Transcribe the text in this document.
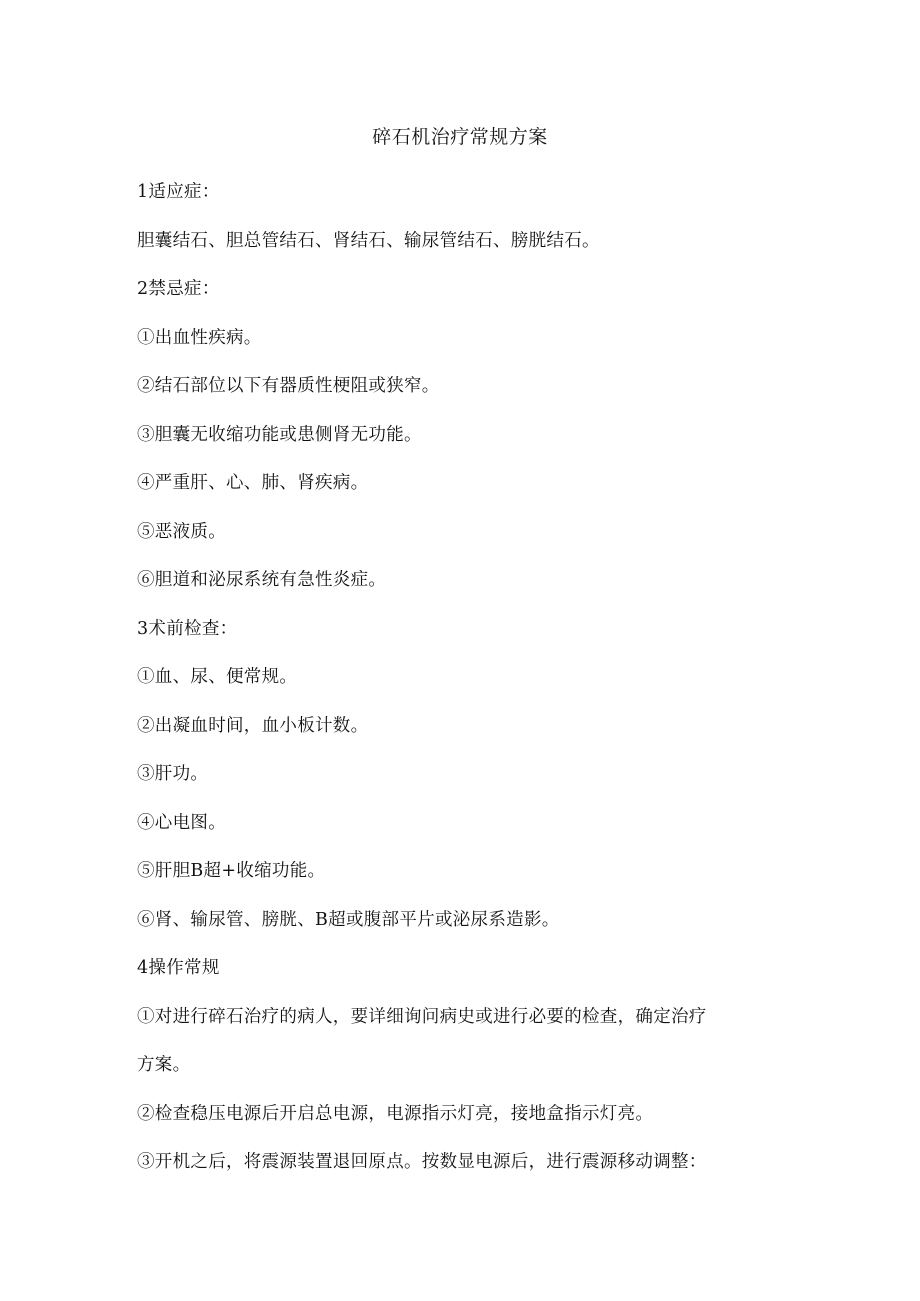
碎石机治疗常规方案
1适应症：
胆囊结石、胆总管结石、肾结石、输尿管结石、膀胱结石。
2禁忌症：
①出血性疾病。
②结石部位以下有器质性梗阻或狭窄。
③胆囊无收缩功能或患侧肾无功能。
④严重肝、心、肺、肾疾病。
⑤恶液质。
⑥胆道和泌尿系统有急性炎症。
3术前检查：
①血、尿、便常规。
②出凝血时间，血小板计数。
③肝功。
④心电图。
⑤肝胆B超+收缩功能。
⑥肾、输尿管、膀胱、B超或腹部平片或泌尿系造影。
4操作常规
①对进行碎石治疗的病人，要详细询问病史或进行必要的检查，确定治疗
方案。
②检查稳压电源后开启总电源，电源指示灯亮，接地盒指示灯亮。
③开机之后，将震源装置退回原点。按数显电源后，进行震源移动调整：
